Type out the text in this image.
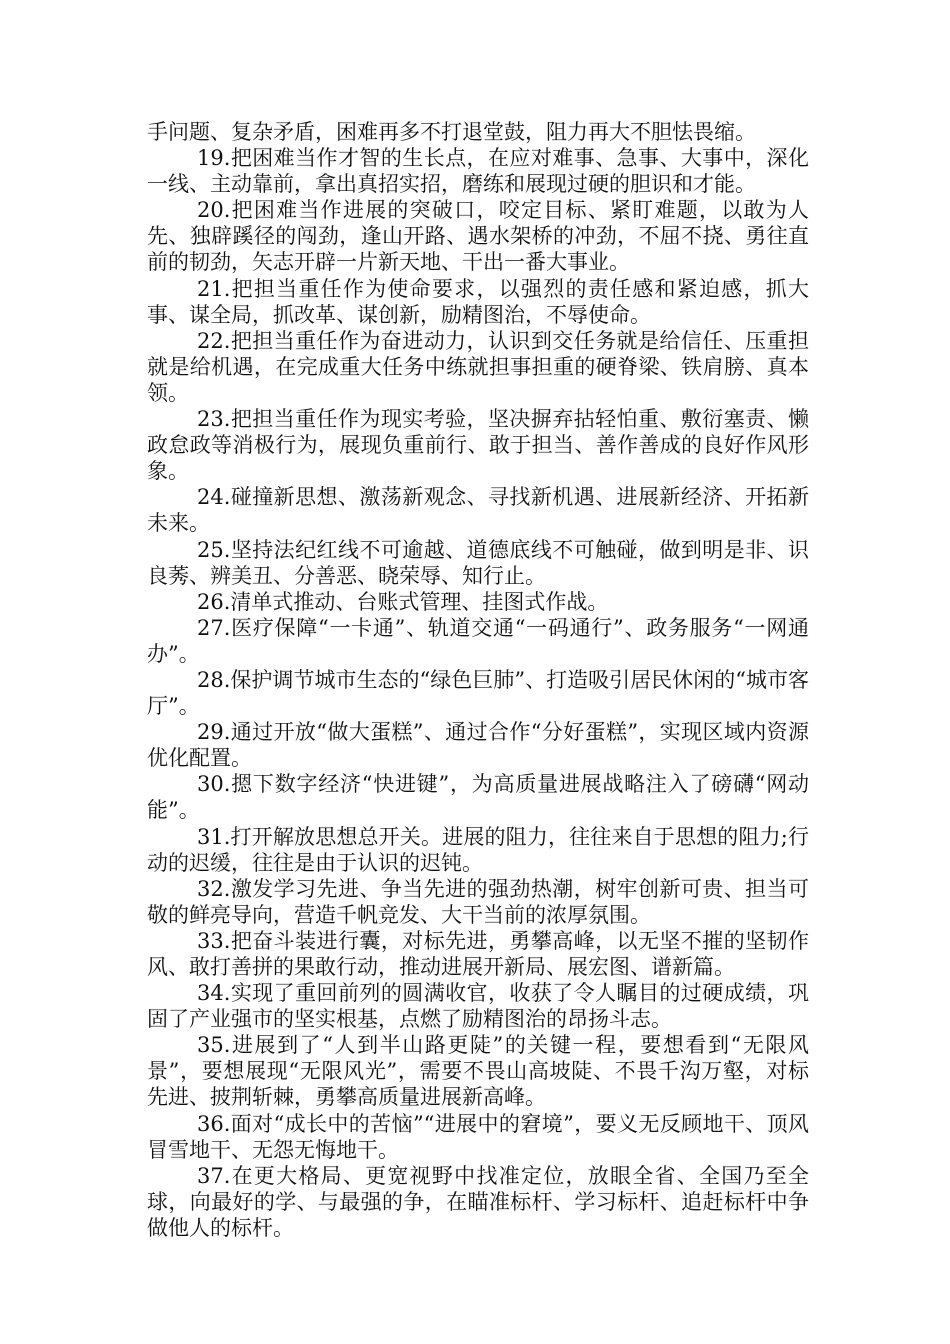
手问题、复杂矛盾，困难再多不打退堂鼓，阻力再大不胆怯畏缩。

19.把困难当作才智的生长点，在应对难事、急事、大事中，深化一线、主动靠前，拿出真招实招，磨练和展现过硬的胆识和才能。

20.把困难当作进展的突破口，咬定目标、紧盯难题，以敢为人先、独辟蹊径的闯劲，逢山开路、遇水架桥的冲劲，不屈不挠、勇往直前的韧劲，矢志开辟一片新天地、干出一番大事业。

21.把担当重任作为使命要求，以强烈的责任感和紧迫感，抓大事、谋全局，抓改革、谋创新，励精图治，不辱使命。

22.把担当重任作为奋进动力，认识到交任务就是给信任、压重担就是给机遇，在完成重大任务中练就担事担重的硬脊梁、铁肩膀、真本领。

23.把担当重任作为现实考验，坚决摒弃拈轻怕重、敷衍塞责、懒政怠政等消极行为，展现负重前行、敢于担当、善作善成的良好作风形象。

24.碰撞新思想、激荡新观念、寻找新机遇、进展新经济、开拓新未来。

25.坚持法纪红线不可逾越、道德底线不可触碰，做到明是非、识良莠、辨美丑、分善恶、晓荣辱、知行止。

26.清单式推动、台账式管理、挂图式作战。

27.医疗保障“一卡通”、轨道交通“一码通行”、政务服务“一网通办”。

28.保护调节城市生态的“绿色巨肺”、打造吸引居民休闲的“城市客厅”。

29.通过开放“做大蛋糕”、通过合作“分好蛋糕”，实现区域内资源优化配置。

30.摁下数字经济“快进键”，为高质量进展战略注入了磅礴“网动能”。

31.打开解放思想总开关。进展的阻力，往往来自于思想的阻力;行动的迟缓，往往是由于认识的迟钝。

32.激发学习先进、争当先进的强劲热潮，树牢创新可贵、担当可敬的鲜亮导向，营造千帆竞发、大干当前的浓厚氛围。

33.把奋斗装进行囊，对标先进，勇攀高峰，以无坚不摧的坚韧作风、敢打善拼的果敢行动，推动进展开新局、展宏图、谱新篇。

34.实现了重回前列的圆满收官，收获了令人瞩目的过硬成绩，巩固了产业强市的坚实根基，点燃了励精图治的昂扬斗志。

35.进展到了“人到半山路更陡”的关键一程，要想看到“无限风景”，要想展现“无限风光”，需要不畏山高坡陡、不畏千沟万壑，对标先进、披荆斩棘，勇攀高质量进展新高峰。

36.面对“成长中的苦恼”“进展中的窘境”，要义无反顾地干、顶风冒雪地干、无怨无悔地干。

37.在更大格局、更宽视野中找准定位，放眼全省、全国乃至全球，向最好的学、与最强的争，在瞄准标杆、学习标杆、追赶标杆中争做他人的标杆。
